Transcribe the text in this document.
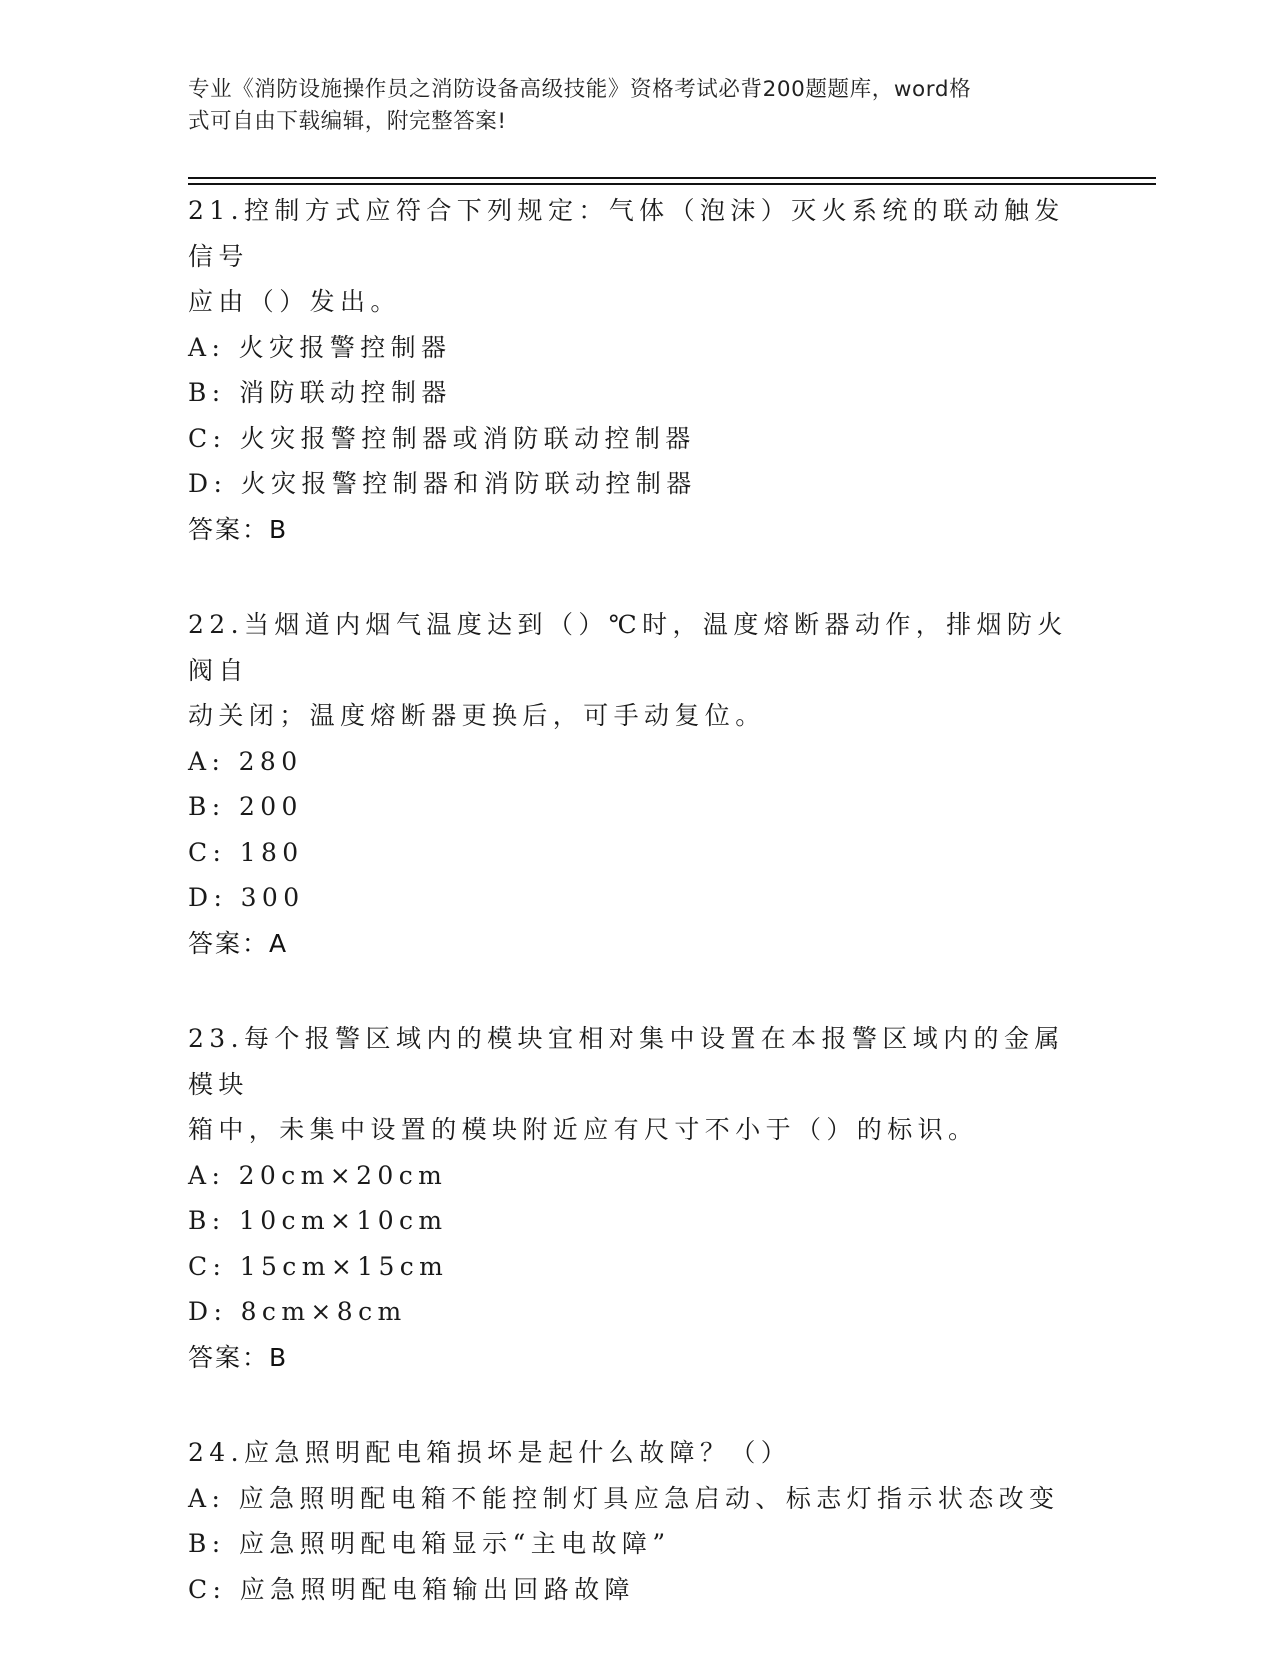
专业《消防设施操作员之消防设备高级技能》资格考试必背200题题库，word格
式可自由下载编辑，附完整答案!
21.控制方式应符合下列规定：气体（泡沫）灭火系统的联动触发信号
应由（）发出。
A: 火灾报警控制器
B: 消防联动控制器
C: 火灾报警控制器或消防联动控制器
D: 火灾报警控制器和消防联动控制器
答案：B
22.当烟道内烟气温度达到（）℃时，温度熔断器动作，排烟防火阀自
动关闭；温度熔断器更换后，可手动复位。
A: 280
B: 200
C: 180
D: 300
答案：A
23.每个报警区域内的模块宜相对集中设置在本报警区域内的金属模块
箱中，未集中设置的模块附近应有尺寸不小于（）的标识。
A: 20cm×20cm
B: 10cm×10cm
C: 15cm×15cm
D: 8cm×8cm
答案：B
24.应急照明配电箱损坏是起什么故障？（）
A: 应急照明配电箱不能控制灯具应急启动、标志灯指示状态改变
B: 应急照明配电箱显示“主电故障”
C: 应急照明配电箱输出回路故障
